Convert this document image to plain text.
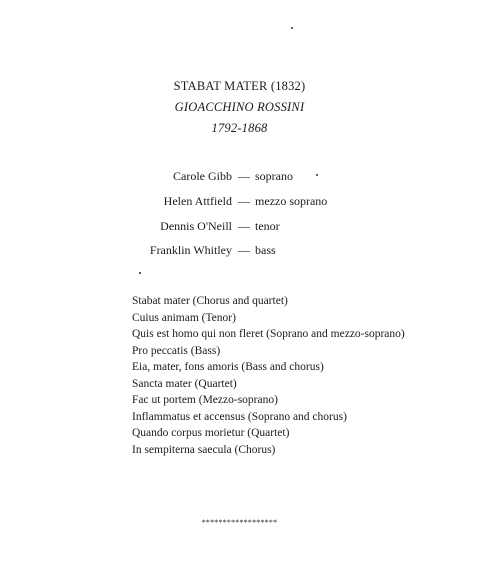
STABAT MATER (1832)
GIOACCHINO ROSSINI
1792-1868
Carole Gibb — soprano
Helen Attfield — mezzo soprano
Dennis O'Neill — tenor
Franklin Whitley — bass
Stabat mater (Chorus and quartet)
Cuius animam (Tenor)
Quis est homo qui non fleret (Soprano and mezzo-soprano)
Pro peccatis (Bass)
Eia, mater, fons amoris (Bass and chorus)
Sancta mater (Quartet)
Fac ut portem (Mezzo-soprano)
Inflammatus et accensus (Soprano and chorus)
Quando corpus morietur (Quartet)
In sempiterna saecula (Chorus)
******************
